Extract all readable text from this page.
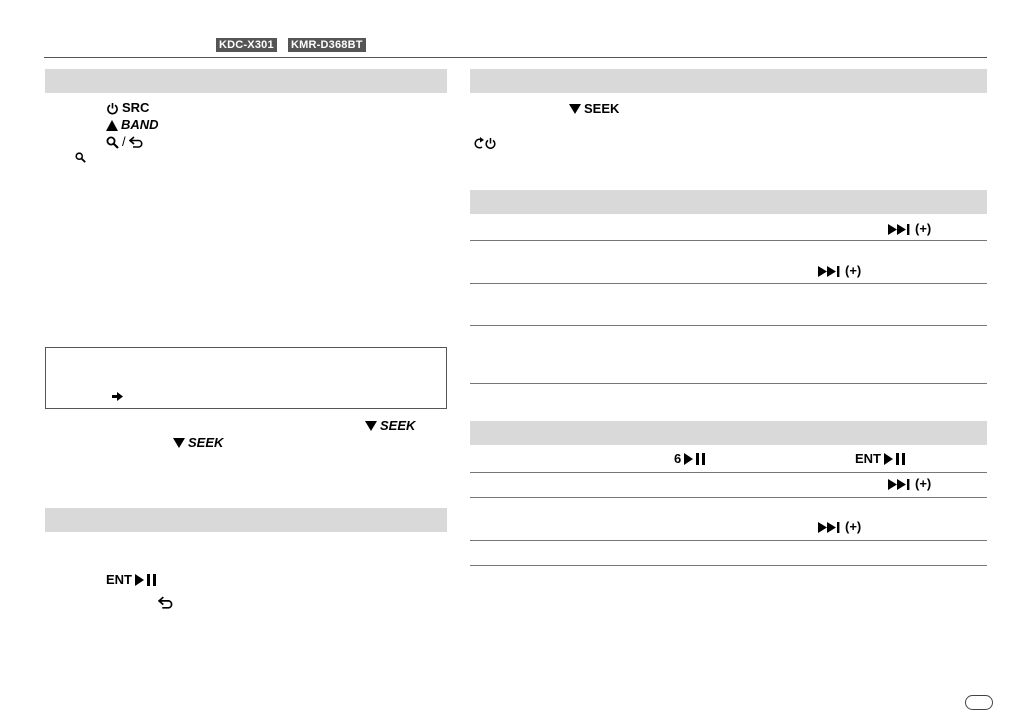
KDC-X301 KMR-D368BT
SRC
BAND
/
SEEK
SEEK
ENT
SEEK
(+)
(+)
6	ENT
(+)
(+)
